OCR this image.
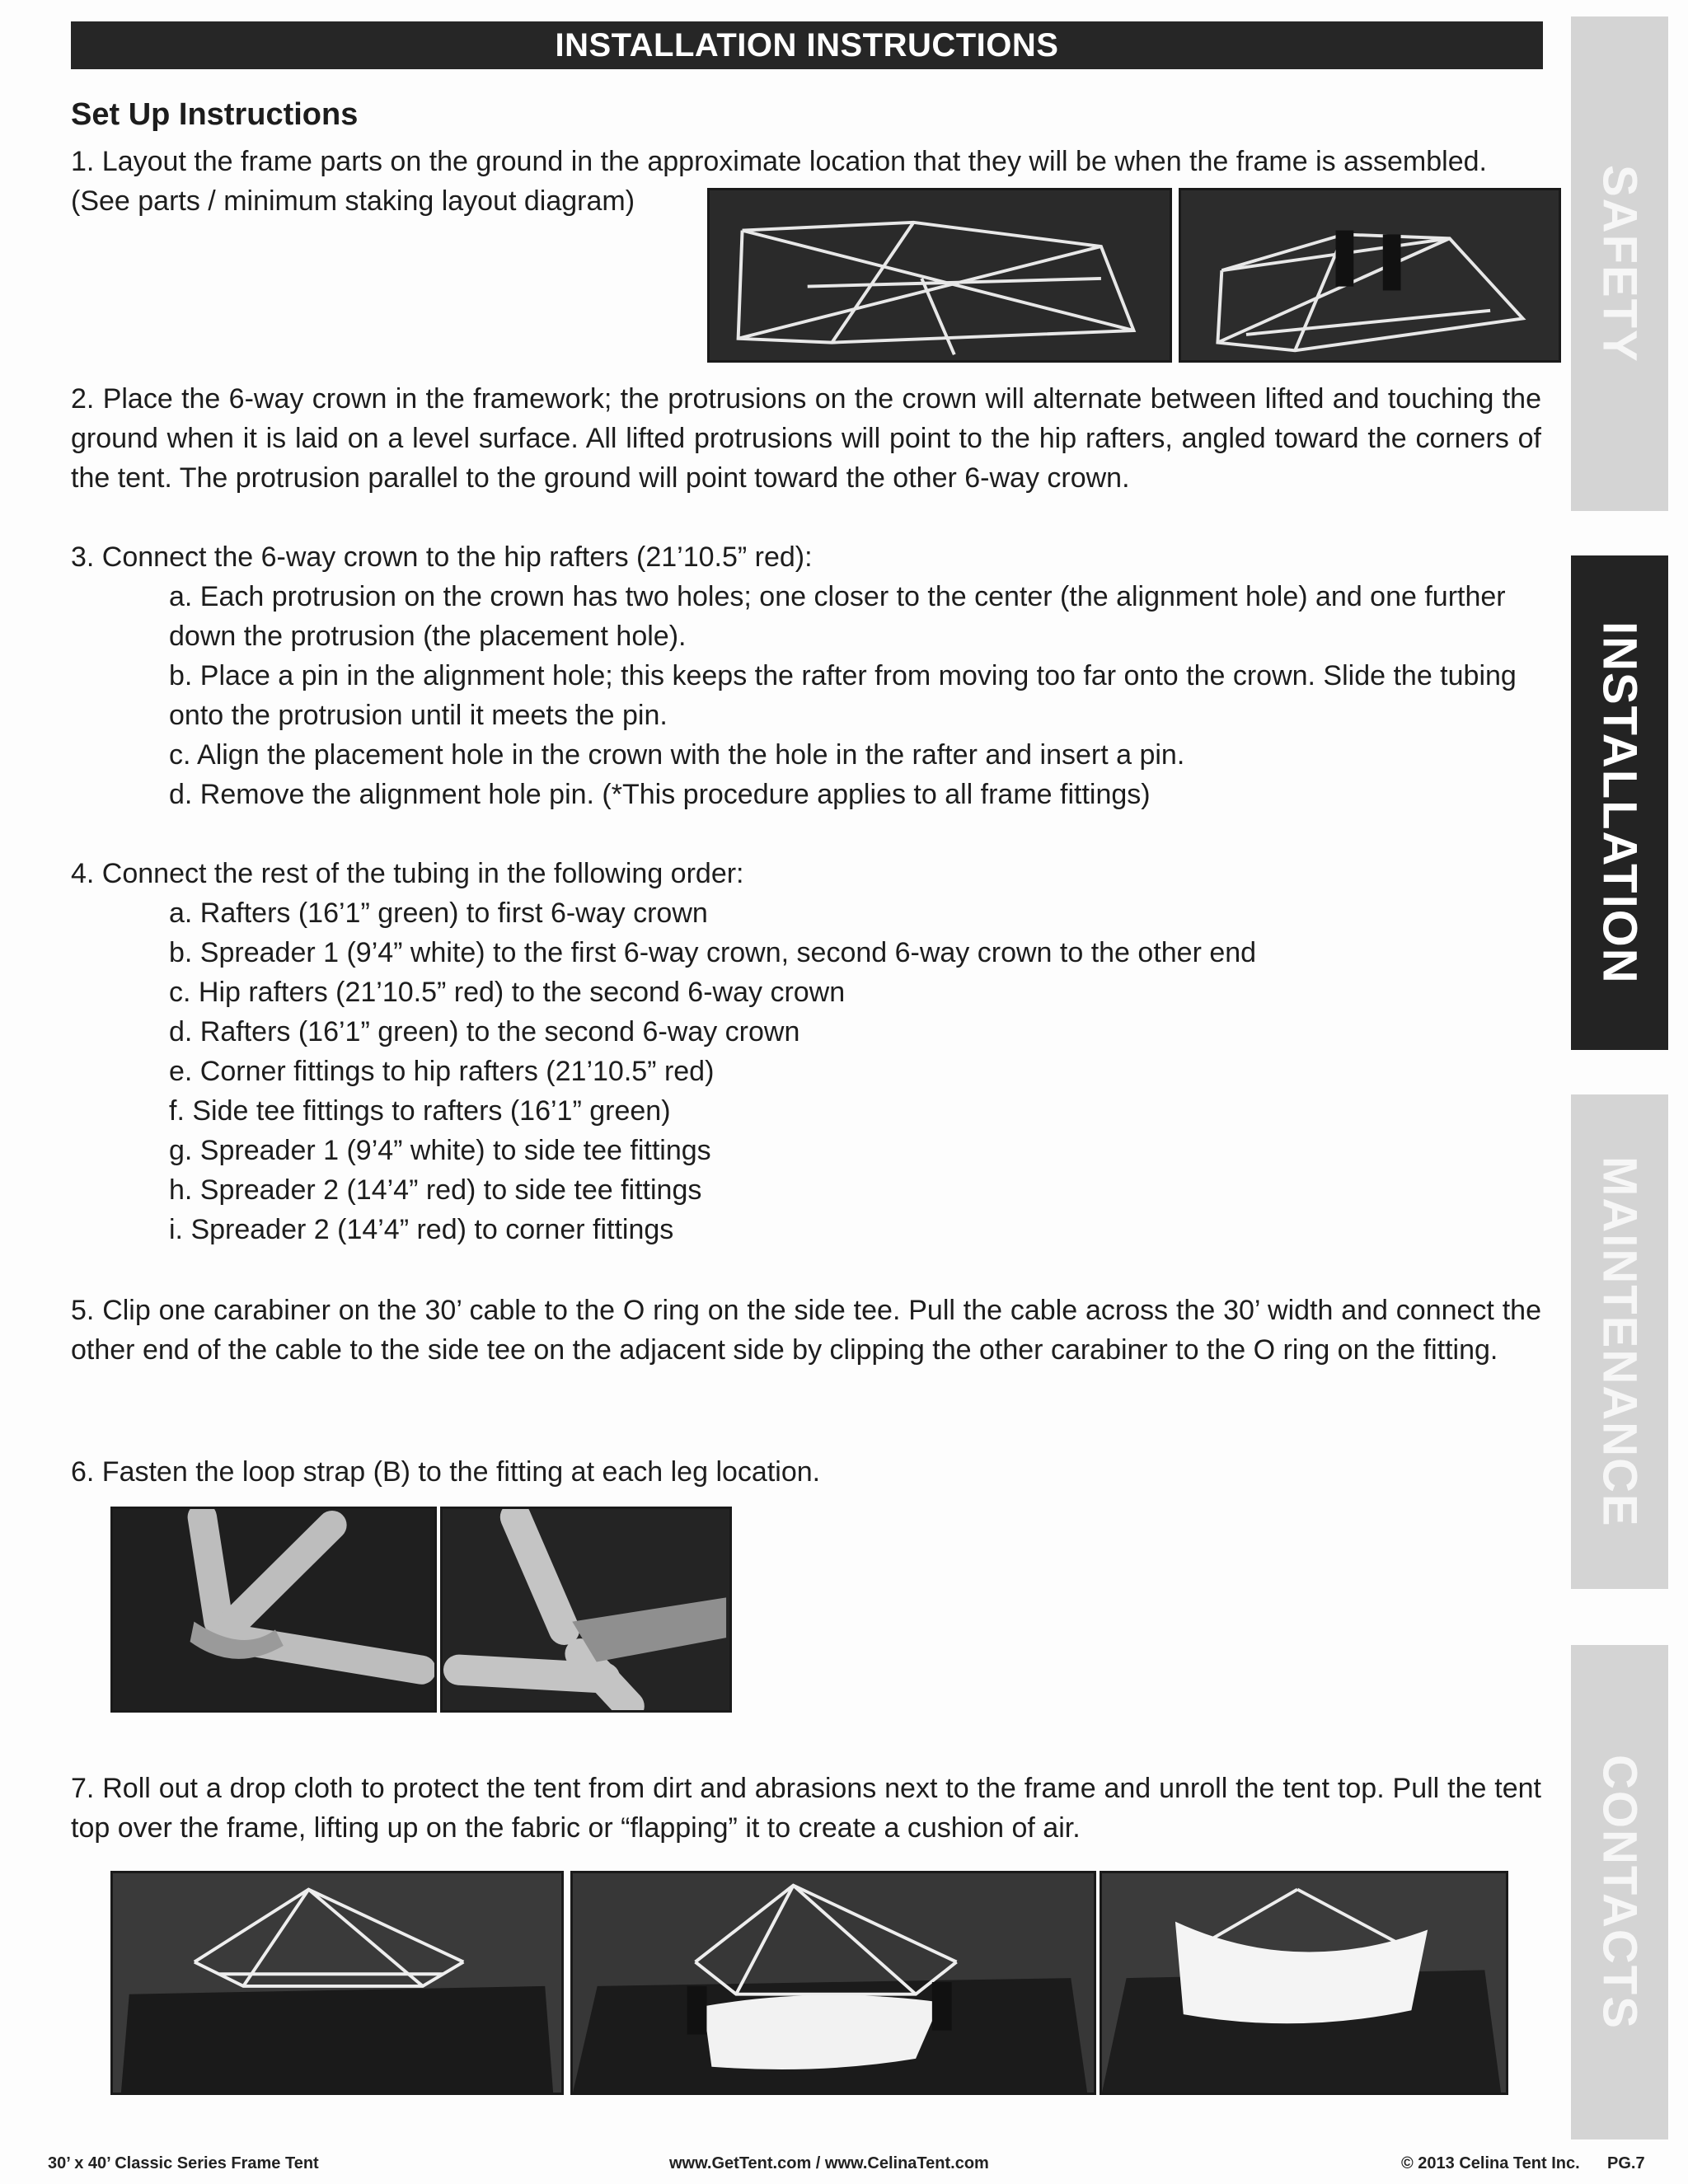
INSTALLATION INSTRUCTIONS
Set Up Instructions

1. Layout the frame parts on the ground in the approximate location that they will be when the frame is assembled.

(See parts / minimum staking layout diagram)

2. Place the 6-way crown in the framework; the protrusions on the crown will alternate between lifted and touching the ground when it is laid on a level surface. All lifted protrusions will point to the hip rafters, angled toward the corners of the tent. The protrusion parallel to the ground will point toward the other 6-way crown.

3. Connect the 6-way crown to the hip rafters (21’10.5” red):

a. Each protrusion on the crown has two holes; one closer to the center (the alignment hole) and one further down the protrusion (the placement hole).
b. Place a pin in the alignment hole; this keeps the rafter from moving too far onto the crown. Slide the tubing onto the protrusion until it meets the pin.
c. Align the placement hole in the crown with the hole in the rafter and insert a pin.
d. Remove the alignment hole pin. (*This procedure applies to all frame fittings)

4. Connect the rest of the tubing in the following order:

a. Rafters (16’1” green) to first 6-way crown
b. Spreader 1 (9’4” white) to the first 6-way crown, second 6-way crown to the other end
c. Hip rafters (21’10.5” red) to the second 6-way crown
d. Rafters (16’1” green) to the second 6-way crown
e. Corner fittings to hip rafters (21’10.5” red)
f. Side tee fittings to rafters (16’1” green)
g. Spreader 1 (9’4” white) to side tee fittings
h. Spreader 2 (14’4” red) to side tee fittings
i. Spreader 2 (14’4” red) to corner fittings

5. Clip one carabiner on the 30’ cable to the O ring on the side tee. Pull the cable across the 30’ width and connect the other end of the cable to the side tee on the adjacent side by clipping the other carabiner to the O ring on the fitting.

6. Fasten the loop strap (B) to the fitting at each leg location.

7. Roll out a drop cloth to protect the tent from dirt and abrasions next to the frame and unroll the tent top. Pull the tent top over the frame, lifting up on the fabric or “flapping” it to create a cushion of air.

SAFETY
INSTALLATION
MAINTENANCE
CONTACTS
30’ x 40’ Classic Series Frame Tent	www.GetTent.com / www.CelinaTent.com	© 2013 Celina Tent Inc. PG.7
